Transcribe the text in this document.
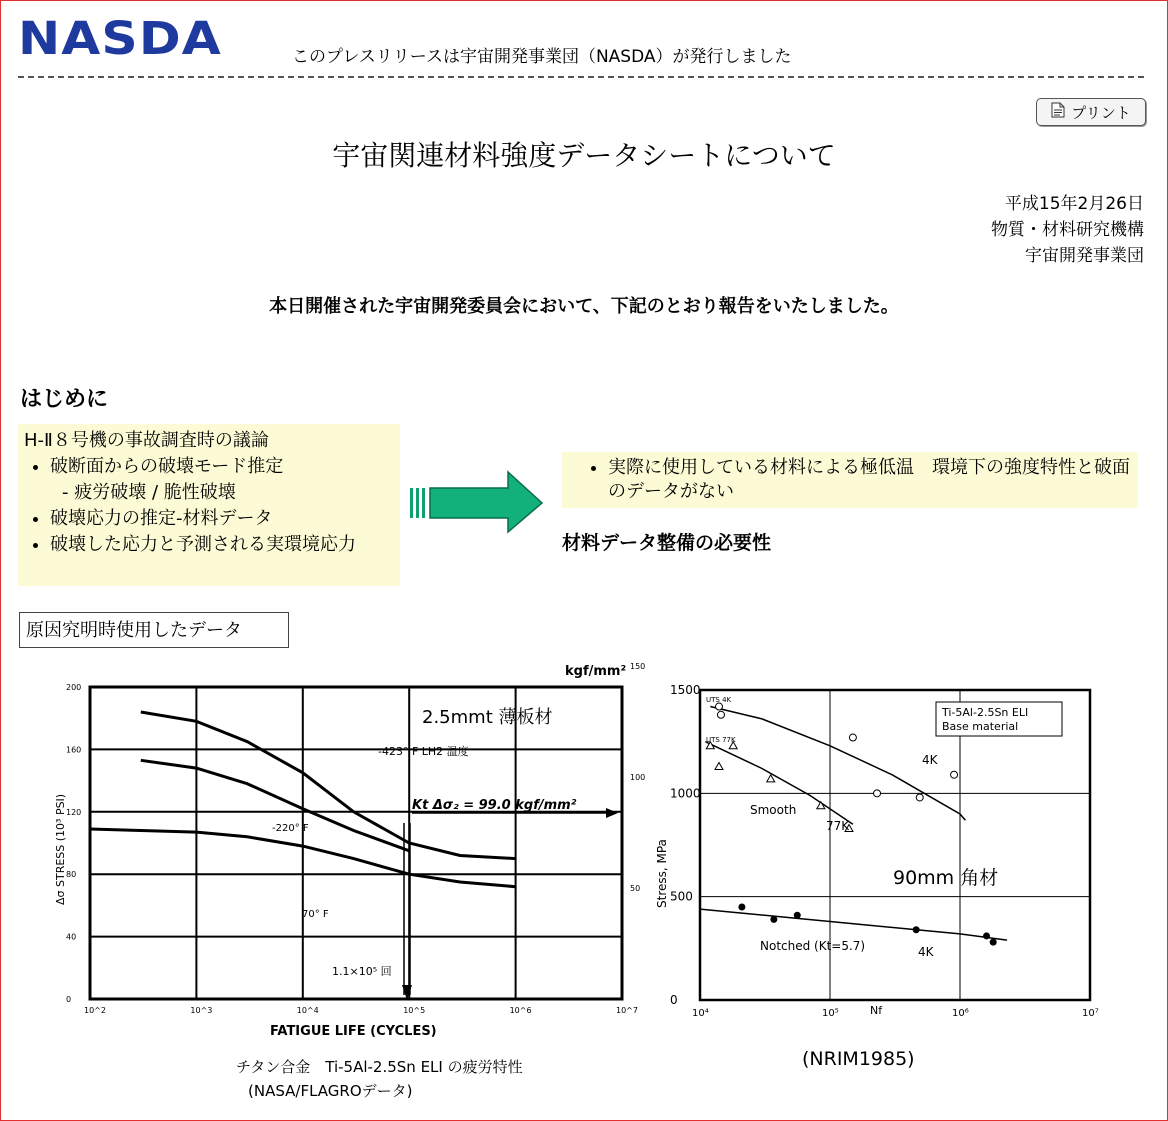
NASDA	このプレスリリースは宇宙開発事業団（NASDA）が発行しました
プリント
宇宙関連材料強度データシートについて
平成15年2月26日
物質・材料研究機構
宇宙開発事業団
本日開催された宇宙開発委員会において、下記のとおり報告をいたしました。
はじめに
H-Ⅱ８号機の事故調査時の議論
• 破断面からの破壊モード推定
- 疲労破壊 / 脆性破壊
• 破壊応力の推定-材料データ
• 破壊した応力と予測される実環境応力
• 実際に使用している材料による極低温　環境下の強度特性と破面のデータがない
材料データ整備の必要性
原因究明時使用したデータ
10^2	10^3	10^4	10^5	10^6	10^7
0
40
80
120
160
200
50
100
150
2.5mmt 薄板材
kgf/mm²
FATIGUE LIFE (CYCLES)
Δσ STRESS (10³ PSI)
-423° F LH2 温度
-220° F
70° F
Kt Δσ₂ = 99.0 kgf/mm²
1.1×10⁵ 回
チタン合金　Ti-5Al-2.5Sn ELI の疲労特性
(NASA/FLAGROデータ)
10⁴	10⁵	10⁶	10⁷
0
500
1000
1500
Ti-5Al-2.5Sn ELI
Base material
90mm 角材
Nf
Stress, MPa
UTS 4K
UTS 77K
Smooth
4K
77K
Notched (Kt=5.7)	4K
(NRIM1985)
